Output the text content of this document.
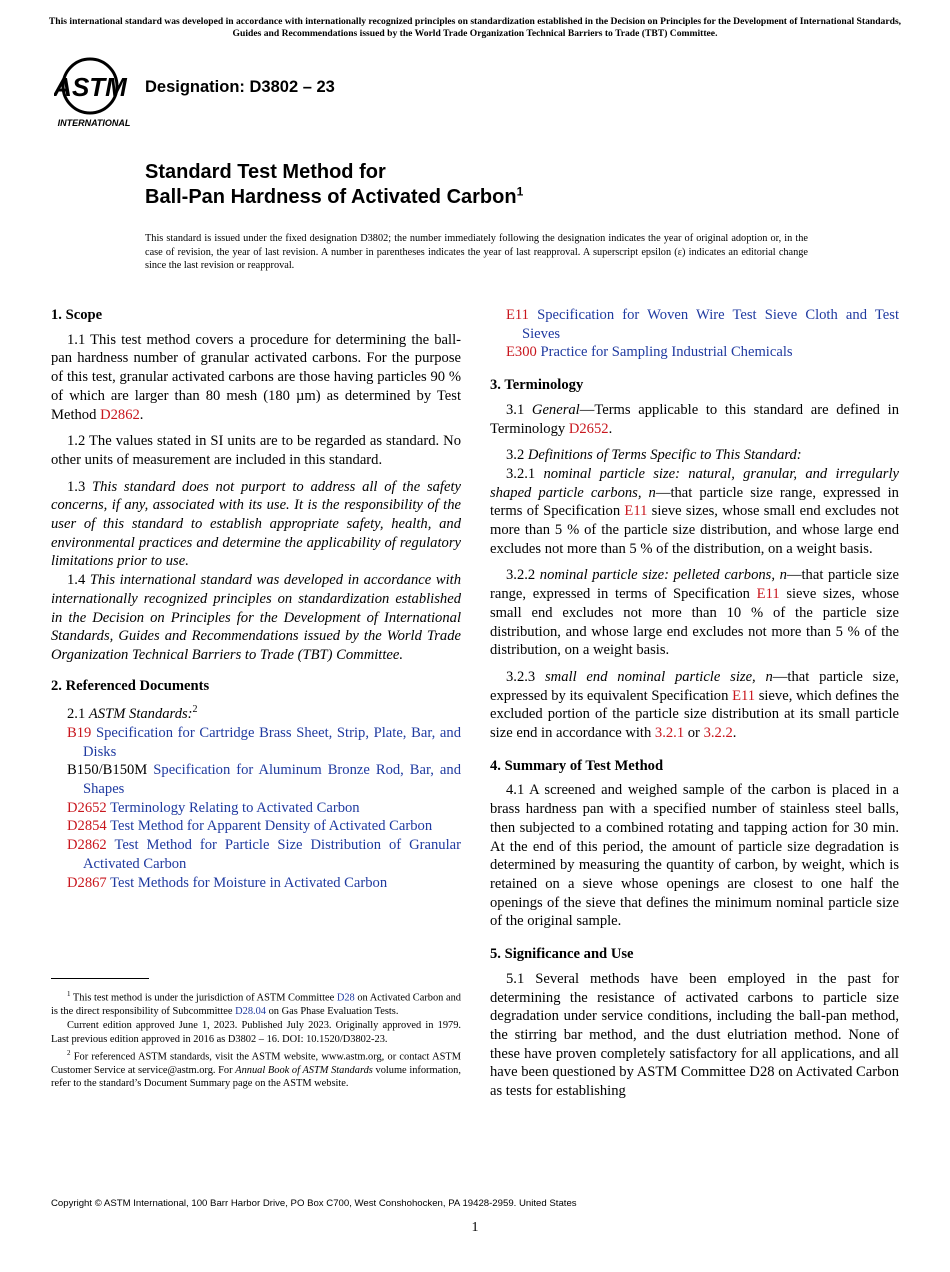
This international standard was developed in accordance with internationally recognized principles on standardization established in the Decision on Principles for the Development of International Standards, Guides and Recommendations issued by the World Trade Organization Technical Barriers to Trade (TBT) Committee.
ASTM
INTERNATIONAL
Designation: D3802 – 23
Standard Test Method for
Ball-Pan Hardness of Activated Carbon$^1$
This standard is issued under the fixed designation D3802; the number immediately following the designation indicates the year of original adoption or, in the case of revision, the year of last revision. A number in parentheses indicates the year of last reapproval. A superscript epsilon (ε) indicates an editorial change since the last revision or reapproval.
1. Scope

1.1 This test method covers a procedure for determining the ball-pan hardness number of granular activated carbons. For the purpose of this test, granular activated carbons are those having particles 90 % of which are larger than 80 mesh (180 µm) as determined by Test Method D2862.

1.2 The values stated in SI units are to be regarded as standard. No other units of measurement are included in this standard.

1.3 This standard does not purport to address all of the safety concerns, if any, associated with its use. It is the responsibility of the user of this standard to establish appropriate safety, health, and environmental practices and determine the applicability of regulatory limitations prior to use.

1.4 This international standard was developed in accordance with internationally recognized principles on standardization established in the Decision on Principles for the Development of International Standards, Guides and Recommendations issued by the World Trade Organization Technical Barriers to Trade (TBT) Committee.

2. Referenced Documents

2.1 ASTM Standards:$^2$

B19 Specification for Cartridge Brass Sheet, Strip, Plate, Bar, and Disks
B150/B150M Specification for Aluminum Bronze Rod, Bar, and Shapes
D2652 Terminology Relating to Activated Carbon
D2854 Test Method for Apparent Density of Activated Carbon
D2862 Test Method for Particle Size Distribution of Granular Activated Carbon
D2867 Test Methods for Moisture in Activated Carbon
E11 Specification for Woven Wire Test Sieve Cloth and Test Sieves
E300 Practice for Sampling Industrial Chemicals
3. Terminology

3.1 General—Terms applicable to this standard are defined in Terminology D2652.

3.2 Definitions of Terms Specific to This Standard:

3.2.1 nominal particle size: natural, granular, and irregularly shaped particle carbons, n—that particle size range, expressed in terms of Specification E11 sieve sizes, whose small end excludes not more than 5 % of the particle size distribution, and whose large end excludes not more than 5 % of the distribution, on a weight basis.

3.2.2 nominal particle size: pelleted carbons, n—that particle size range, expressed in terms of Specification E11 sieve sizes, whose small end excludes not more than 10 % of the particle size distribution, and whose large end excludes not more than 5 % of the distribution, on a weight basis.

3.2.3 small end nominal particle size, n—that particle size, expressed by its equivalent Specification E11 sieve, which defines the excluded portion of the particle size distribution at its small particle size end in accordance with 3.2.1 or 3.2.2.

4. Summary of Test Method

4.1 A screened and weighed sample of the carbon is placed in a brass hardness pan with a specified number of stainless steel balls, then subjected to a combined rotating and tapping action for 30 min. At the end of this period, the amount of particle size degradation is determined by measuring the quantity of carbon, by weight, which is retained on a sieve whose openings are closest to one half the openings of the sieve that defines the minimum nominal particle size of the original sample.

5. Significance and Use

5.1 Several methods have been employed in the past for determining the resistance of activated carbons to particle size degradation under service conditions, including the ball-pan method, the stirring bar method, and the dust elutriation method. None of these have proven completely satisfactory for all applications, and all have been questioned by ASTM Committee D28 on Activated Carbon as tests for establishing

$^1$ This test method is under the jurisdiction of ASTM Committee D28 on Activated Carbon and is the direct responsibility of Subcommittee D28.04 on Gas Phase Evaluation Tests.

Current edition approved June 1, 2023. Published July 2023. Originally approved in 1979. Last previous edition approved in 2016 as D3802 – 16. DOI: 10.1520/D3802-23.

$^2$ For referenced ASTM standards, visit the ASTM website, www.astm.org, or contact ASTM Customer Service at service@astm.org. For Annual Book of ASTM Standards volume information, refer to the standard’s Document Summary page on the ASTM website.

Copyright © ASTM International, 100 Barr Harbor Drive, PO Box C700, West Conshohocken, PA 19428-2959. United States
1
